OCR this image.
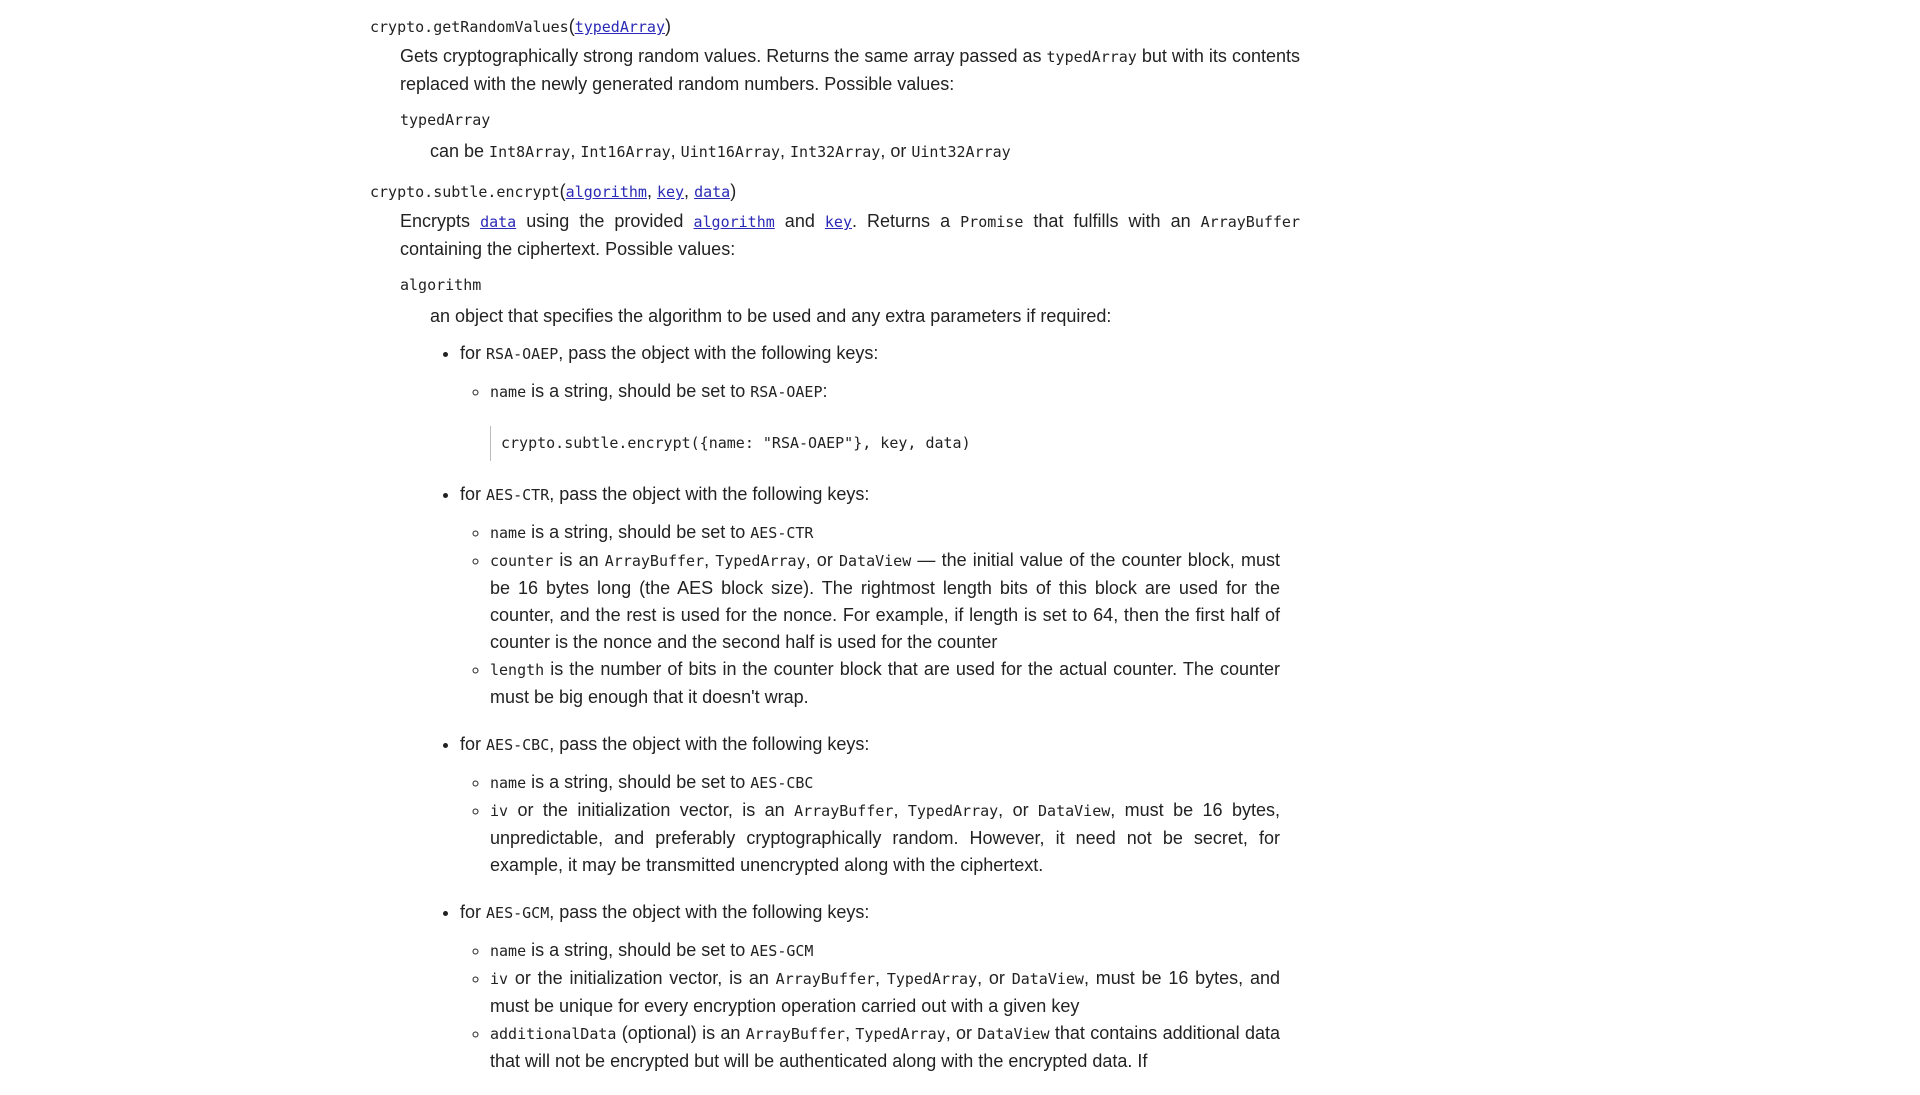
crypto.getRandomValues(typedArray)
Gets cryptographically strong random values. Returns the same array passed as typedArray but with its contents replaced with the newly generated random numbers. Possible values:
typedArray
can be Int8Array, Int16Array, Uint16Array, Int32Array, or Uint32Array
crypto.subtle.encrypt(algorithm, key, data)
Encrypts data using the provided algorithm and key. Returns a Promise that fulfills with an ArrayBuffer containing the ciphertext. Possible values:
algorithm
an object that specifies the algorithm to be used and any extra parameters if required:
• for RSA-OAEP, pass the object with the following keys:
◦ name is a string, should be set to RSA-OAEP:
crypto.subtle.encrypt({name: "RSA-OAEP"}, key, data)
• for AES-CTR, pass the object with the following keys:
◦ name is a string, should be set to AES-CTR
◦ counter is an ArrayBuffer, TypedArray, or DataView — the initial value of the counter block, must be 16 bytes long (the AES block size). The rightmost length bits of this block are used for the counter, and the rest is used for the nonce. For example, if length is set to 64, then the first half of counter is the nonce and the second half is used for the counter
◦ length is the number of bits in the counter block that are used for the actual counter. The counter must be big enough that it doesn't wrap.
• for AES-CBC, pass the object with the following keys:
◦ name is a string, should be set to AES-CBC
◦ iv or the initialization vector, is an ArrayBuffer, TypedArray, or DataView, must be 16 bytes, unpredictable, and preferably cryptographically random. However, it need not be secret, for example, it may be transmitted unencrypted along with the ciphertext.
• for AES-GCM, pass the object with the following keys:
◦ name is a string, should be set to AES-GCM
◦ iv or the initialization vector, is an ArrayBuffer, TypedArray, or DataView, must be 16 bytes, and must be unique for every encryption operation carried out with a given key
◦ additionalData (optional) is an ArrayBuffer, TypedArray, or DataView that contains additional data that will not be encrypted but will be authenticated along with the encrypted data. If
